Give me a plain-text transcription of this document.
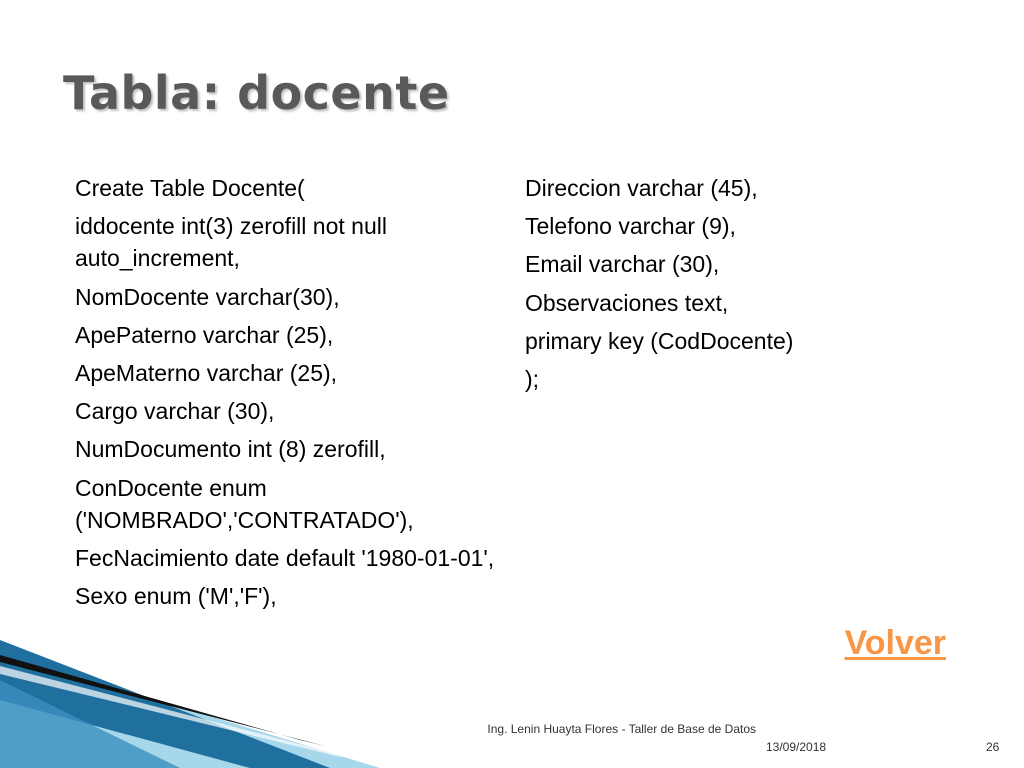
Tabla: docente
Create Table Docente(
iddocente int(3) zerofill not null auto_increment,
NomDocente varchar(30),
ApePaterno varchar (25),
ApeMaterno varchar (25),
Cargo varchar (30),
NumDocumento int (8) zerofill,
ConDocente enum ('NOMBRADO','CONTRATADO'),
FecNacimiento date default '1980-01-01',
Sexo enum ('M','F'),
Direccion varchar (45),
Telefono varchar (9),
Email varchar (30),
Observaciones text,
primary key (CodDocente)
);
Volver
Ing. Lenin Huayta Flores - Taller de Base de Datos
13/09/2018	26
